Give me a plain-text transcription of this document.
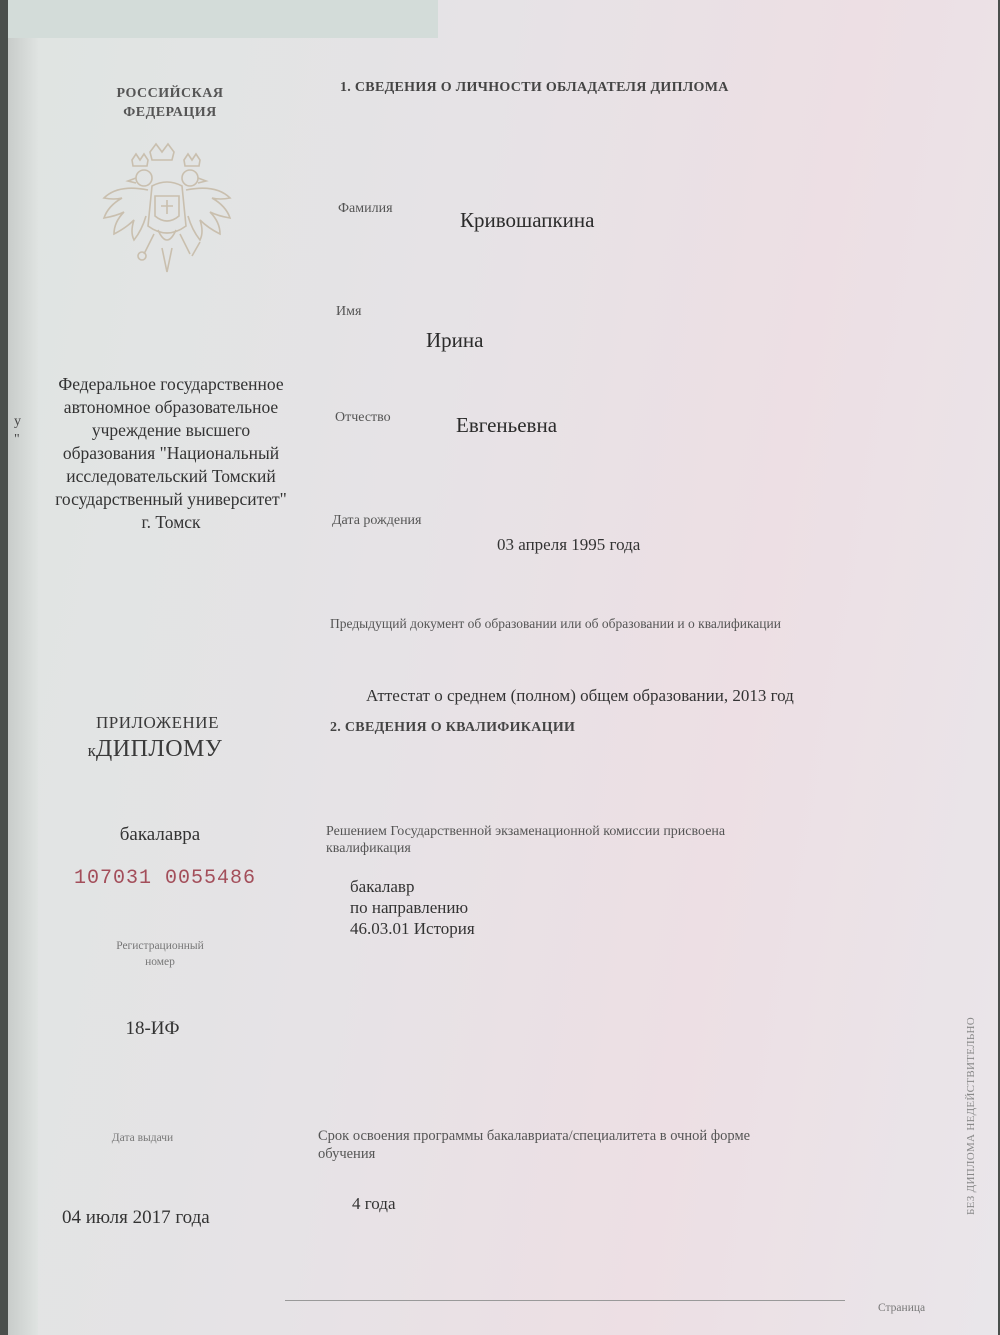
у
"
РОССИЙСКАЯ
ФЕДЕРАЦИЯ
Федеральное государственное
автономное образовательное
учреждение высшего
образования "Национальный
исследовательский Томский
государственный университет"
г. Томск
ПРИЛОЖЕНИЕ
кДИПЛОМУ
бакалавра
107031 0055486
Регистрационный
номер
18-ИФ
Дата выдачи
04 июля 2017 года
1. СВЕДЕНИЯ О ЛИЧНОСТИ ОБЛАДАТЕЛЯ ДИПЛОМА
Фамилия	Кривошапкина
Имя
Ирина
Отчество	Евгеньевна
Дата рождения
03 апреля 1995 года
Предыдущий документ об образовании или об образовании и о квалификации
Аттестат о среднем (полном) общем образовании, 2013 год
2. СВЕДЕНИЯ О КВАЛИФИКАЦИИ
Решением Государственной экзаменационной комиссии присвоена
квалификация
бакалавр
по направлению
46.03.01 История
Срок освоения программы бакалавриата/специалитета в очной форме
обучения
4 года
Страница
БЕЗ ДИПЛОМА НЕДЕЙСТВИТЕЛЬНО
